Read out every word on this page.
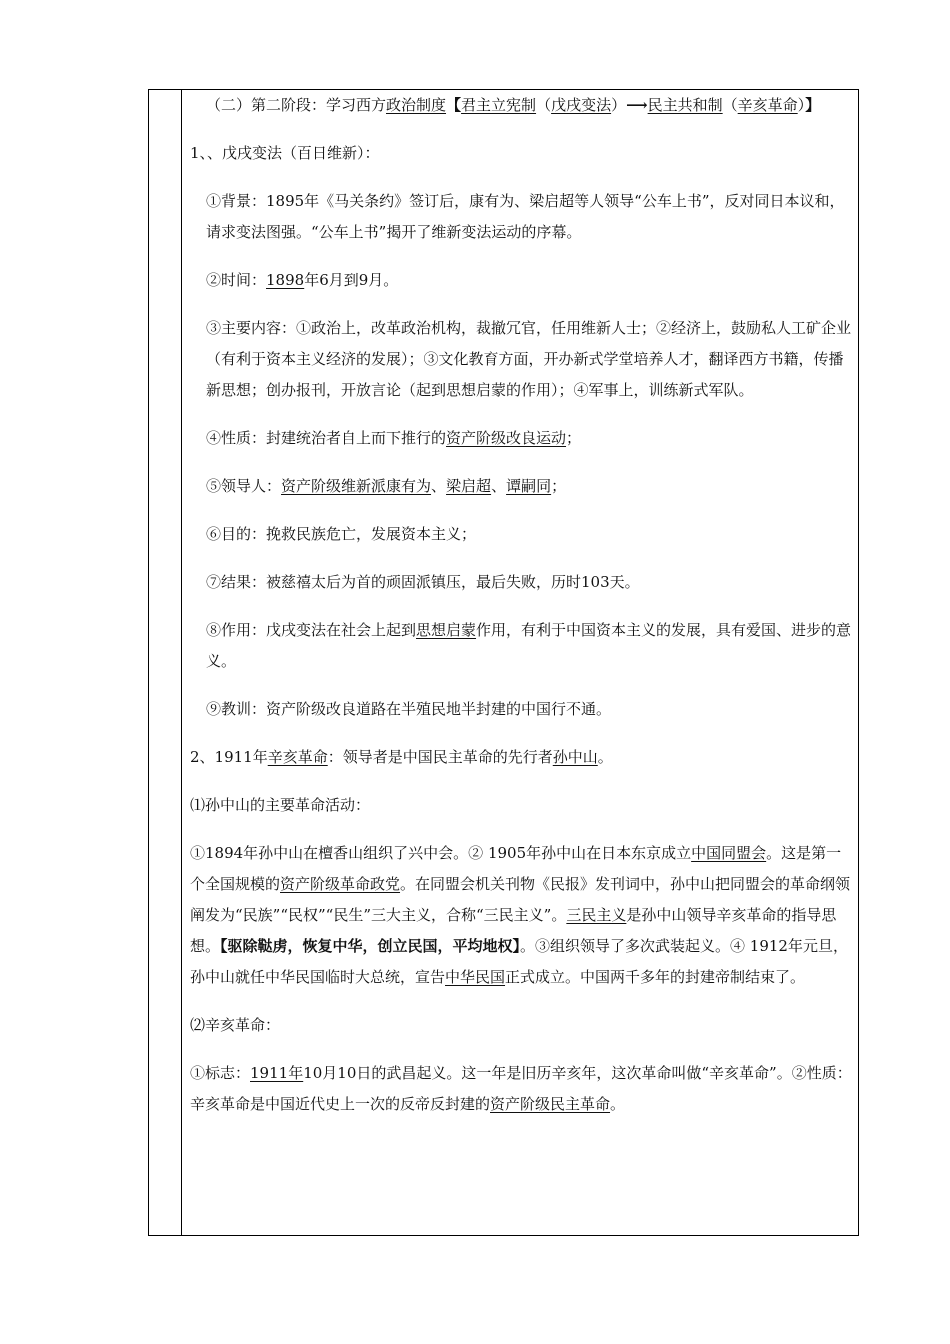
（二）第二阶段：学习西方政治制度【君主立宪制（戊戌变法）⟶民主共和制（辛亥革命）】

1、、戊戌变法（百日维新）：

①背景：1895年《马关条约》签订后，康有为、梁启超等人领导“公车上书”，反对同日本议和，请求变法图强。“公车上书”揭开了维新变法运动的序幕。

②时间：1898年6月到9月。

③主要内容：①政治上，改革政治机构，裁撤冗官，任用维新人士；②经济上，鼓励私人工矿企业（有利于资本主义经济的发展）；③文化教育方面，开办新式学堂培养人才，翻译西方书籍，传播新思想；创办报刊，开放言论（起到思想启蒙的作用）；④军事上，训练新式军队。

④性质：封建统治者自上而下推行的资产阶级改良运动；

⑤领导人：资产阶级维新派康有为、梁启超、谭嗣同；

⑥目的：挽救民族危亡，发展资本主义；

⑦结果：被慈禧太后为首的顽固派镇压，最后失败，历时103天。

⑧作用：戊戌变法在社会上起到思想启蒙作用，有利于中国资本主义的发展，具有爱国、进步的意义。

⑨教训：资产阶级改良道路在半殖民地半封建的中国行不通。

2、1911年辛亥革命：领导者是中国民主革命的先行者孙中山。

⑴孙中山的主要革命活动：

①1894年孙中山在檀香山组织了兴中会。② 1905年孙中山在日本东京成立中国同盟会。这是第一个全国规模的资产阶级革命政党。在同盟会机关刊物《民报》发刊词中，孙中山把同盟会的革命纲领阐发为“民族”“民权”“民生”三大主义，合称“三民主义”。三民主义是孙中山领导辛亥革命的指导思想。【驱除鞑虏，恢复中华，创立民国，平均地权】。③组织领导了多次武装起义。④ 1912年元旦，孙中山就任中华民国临时大总统，宣告中华民国正式成立。中国两千多年的封建帝制结束了。

⑵辛亥革命：

①标志：1911年10月10日的武昌起义。这一年是旧历辛亥年，这次革命叫做“辛亥革命”。②性质：辛亥革命是中国近代史上一次的反帝反封建的资产阶级民主革命。
